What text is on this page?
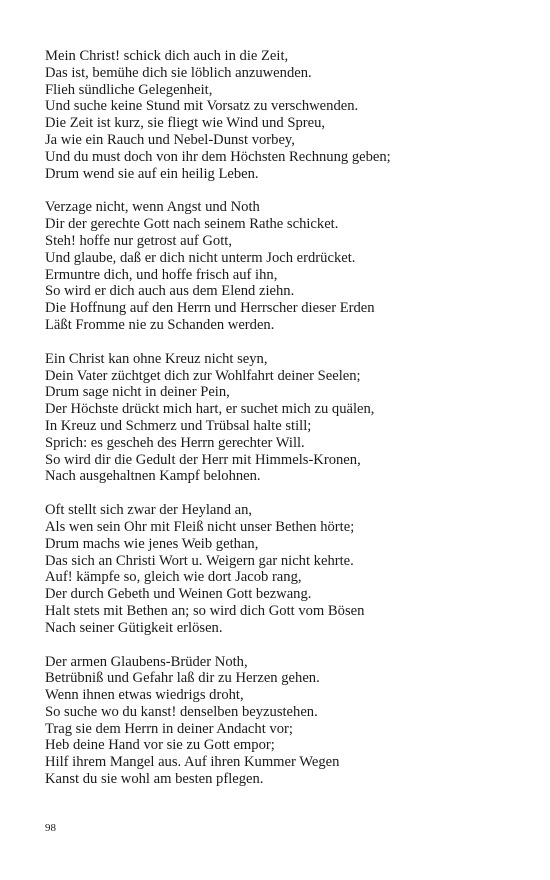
Mein Christ! schick dich auch in die Zeit,
Das ist, bemühe dich sie löblich anzuwenden.
Flieh sündliche Gelegenheit,
Und suche keine Stund mit Vorsatz zu verschwenden.
Die Zeit ist kurz, sie fliegt wie Wind und Spreu,
Ja wie ein Rauch und Nebel-Dunst vorbey,
Und du must doch von ihr dem Höchsten Rechnung geben;
Drum wend sie auf ein heilig Leben.
Verzage nicht, wenn Angst und Noth
Dir der gerechte Gott nach seinem Rathe schicket.
Steh! hoffe nur getrost auf Gott,
Und glaube, daß er dich nicht unterm Joch erdrücket.
Ermuntre dich, und hoffe frisch auf ihn,
So wird er dich auch aus dem Elend ziehn.
Die Hoffnung auf den Herrn und Herrscher dieser Erden
Läßt Fromme nie zu Schanden werden.
Ein Christ kan ohne Kreuz nicht seyn,
Dein Vater züchtget dich zur Wohlfahrt deiner Seelen;
Drum sage nicht in deiner Pein,
Der Höchste drückt mich hart, er suchet mich zu quälen,
In Kreuz und Schmerz und Trübsal halte still;
Sprich: es gescheh des Herrn gerechter Will.
So wird dir die Gedult der Herr mit Himmels-Kronen,
Nach ausgehaltnen Kampf belohnen.
Oft stellt sich zwar der Heyland an,
Als wen sein Ohr mit Fleiß nicht unser Bethen hörte;
Drum machs wie jenes Weib gethan,
Das sich an Christi Wort u. Weigern gar nicht kehrte.
Auf! kämpfe so, gleich wie dort Jacob rang,
Der durch Gebeth und Weinen Gott bezwang.
Halt stets mit Bethen an; so wird dich Gott vom Bösen
Nach seiner Gütigkeit erlösen.
Der armen Glaubens-Brüder Noth,
Betrübniß und Gefahr laß dir zu Herzen gehen.
Wenn ihnen etwas wiedrigs droht,
So suche wo du kanst! denselben beyzustehen.
Trag sie dem Herrn in deiner Andacht vor;
Heb deine Hand vor sie zu Gott empor;
Hilf ihrem Mangel aus. Auf ihren Kummer Wegen
Kanst du sie wohl am besten pflegen.
98
